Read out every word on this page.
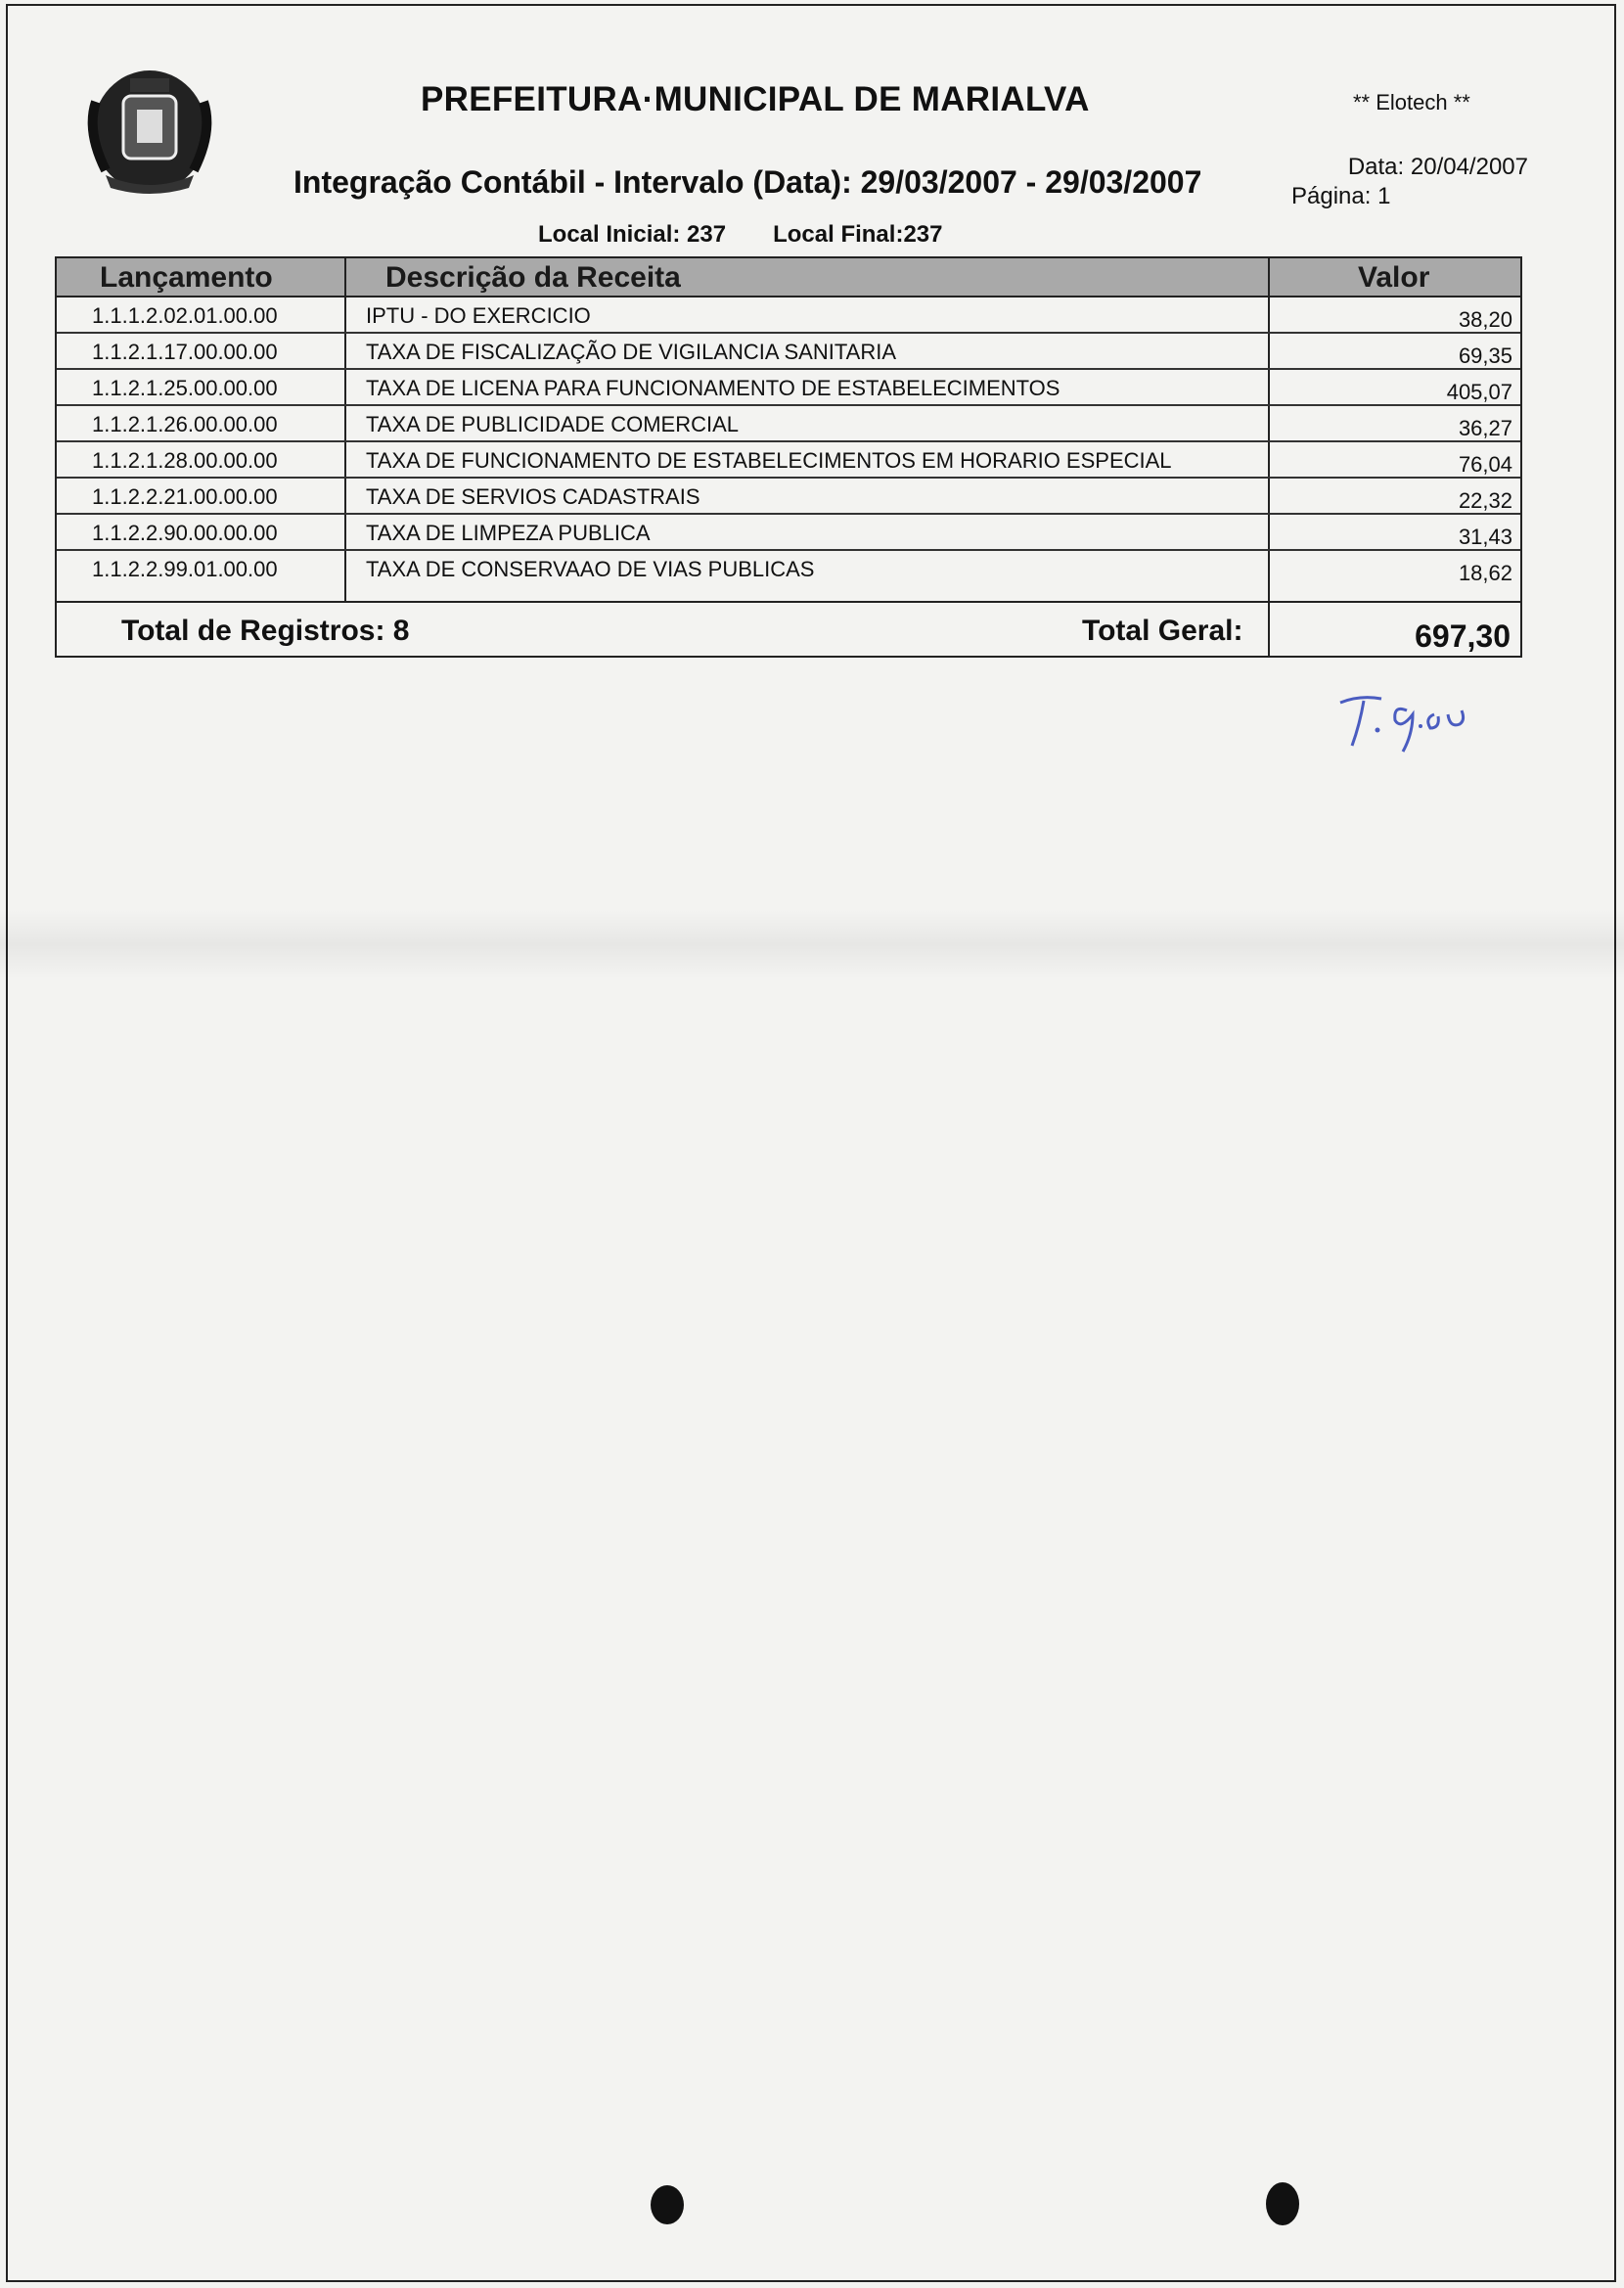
PREFEITURA·MUNICIPAL DE MARIALVA	** Elotech **
Integração Contábil - Intervalo (Data): 29/03/2007 - 29/03/2007	Data: 20/04/2007
Página: 1
Local Inicial: 237 Local Final:237
Lançamento	Descrição da Receita	Valor
1.1.1.2.02.01.00.00	IPTU - DO EXERCICIO	38,20
1.1.2.1.17.00.00.00	TAXA DE FISCALIZAÇÃO DE VIGILANCIA SANITARIA	69,35
1.1.2.1.25.00.00.00	TAXA DE LICENA PARA FUNCIONAMENTO DE ESTABELECIMENTOS	405,07
1.1.2.1.26.00.00.00	TAXA DE PUBLICIDADE COMERCIAL	36,27
1.1.2.1.28.00.00.00	TAXA DE FUNCIONAMENTO DE ESTABELECIMENTOS EM HORARIO ESPECIAL	76,04
1.1.2.2.21.00.00.00	TAXA DE SERVIOS CADASTRAIS	22,32
1.1.2.2.90.00.00.00	TAXA DE LIMPEZA PUBLICA	31,43
1.1.2.2.99.01.00.00	TAXA DE CONSERVAAO DE VIAS PUBLICAS	18,62
Total de Registros: 8	Total Geral:	697,30
